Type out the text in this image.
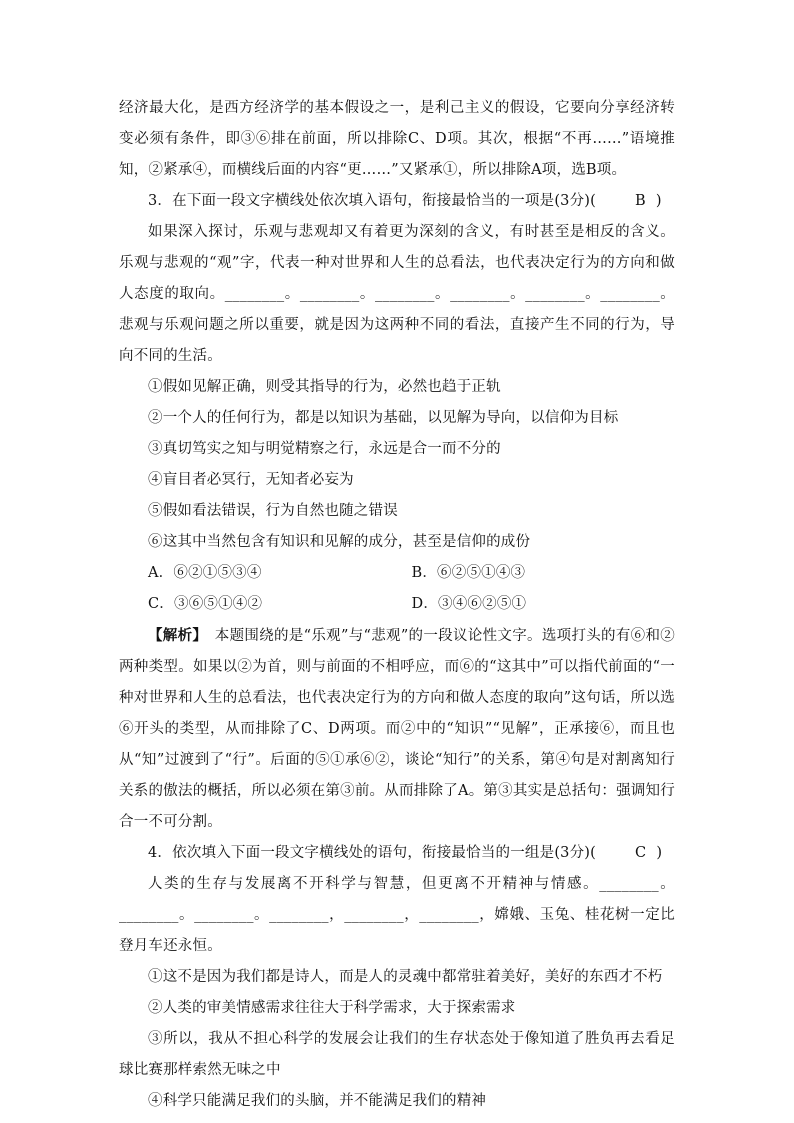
经济最大化，是西方经济学的基本假设之一，是利己主义的假设，它要向分享经济转变必须有条件，即③⑥排在前面，所以排除C、D项。其次，根据“不再……”语境推知，②紧承④，而横线后面的内容“更……”又紧承①，所以排除A项，选B项。

3．在下面一段文字横线处依次填入语句，衔接最恰当的一项是(3分)(	B )

如果深入探讨，乐观与悲观却又有着更为深刻的含义，有时甚至是相反的含义。乐观与悲观的“观”字，代表一种对世界和人生的总看法，也代表决定行为的方向和做人态度的取向。________。________。________。________。________。________。悲观与乐观问题之所以重要，就是因为这两种不同的看法，直接产生不同的行为，导向不同的生活。

①假如见解正确，则受其指导的行为，必然也趋于正轨

②一个人的任何行为，都是以知识为基础，以见解为导向，以信仰为目标

③真切笃实之知与明觉精察之行，永远是合一而不分的

④盲目者必冥行，无知者必妄为

⑤假如看法错误，行为自然也随之错误

⑥这其中当然包含有知识和见解的成分，甚至是信仰的成份

A．⑥②①⑤③④	B．⑥②⑤①④③
C．③⑥⑤①④②	D．③④⑥②⑤①

【解析】　本题围绕的是“乐观”与“悲观”的一段议论性文字。选项打头的有⑥和②两种类型。如果以②为首，则与前面的不相呼应，而⑥的“这其中”可以指代前面的“一种对世界和人生的总看法，也代表决定行为的方向和做人态度的取向”这句话，所以选⑥开头的类型，从而排除了C、D两项。而②中的“知识”“见解”，正承接⑥，而且也从“知”过渡到了“行”。后面的⑤①承⑥②，谈论“知行”的关系，第④句是对割离知行关系的傲法的概括，所以必须在第③前。从而排除了A。第③其实是总括句：强调知行合一不可分割。

4．依次填入下面一段文字横线处的语句，衔接最恰当的一组是(3分)(	C )

人类的生存与发展离不开科学与智慧，但更离不开精神与情感。________。________。________。________，________，________，嫦娥、玉兔、桂花树一定比登月车还永恒。

①这不是因为我们都是诗人，而是人的灵魂中都常驻着美好，美好的东西才不朽

②人类的审美情感需求往往大于科学需求，大于探索需求

③所以，我从不担心科学的发展会让我们的生存状态处于像知道了胜负再去看足球比赛那样索然无味之中

④科学只能满足我们的头脑，并不能满足我们的精神
